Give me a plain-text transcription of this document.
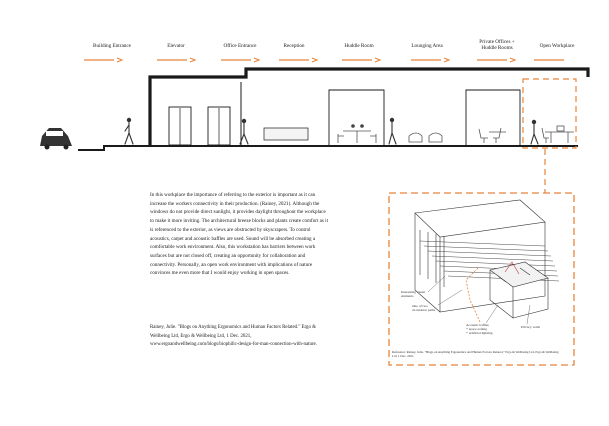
Building Entrance	Elevator	Office Entrance	Reception	Huddle Room	Lounging Area
Private Offices +
Huddle Rooms	Open Workplace

In this workplace the importance of referring to the exterior is important as it can increase the workers connectivity in their production. (Rainey, 2021). Although the windows do not provide direct sunlight, it provides daylight throughout the workplace to make it more inviting. The architectural breeze blocks and plants create comfort as it is referenced to the exterior, as views are obstructed by skyscrapers. To control acoustics, carpet and acoustic baffles are used. Sound will be absorbed creating a comfortable work environment. Also, this workstation has barriers between work surfaces but are not closed off, creating an opportunity for collaboration and connectivity. Personally, an open work environment with implications of nature convinces me even more that I would enjoy working in open spaces.

Rainey, Julie. "Blogs on Anything Ergonomics and Human Factors Related." Ergo & Wellbeing Ltd, Ergo & Wellbeing Ltd, 1 Dec. 2021, www.ergoandwellbeing.com/blogs/biophilic-design-for-man-connection-with-nature.

Interesting visual
elements
One of two
circulation paths
Acoustic baffles
+ space zoning
+ artificial lighting
Privacy walls
Reference: Rainey, Julie. "Blogs on Anything Ergonomics and Human Factors Related." Ergo & Wellbeing Ltd, Ergo & Wellbeing Ltd, 1 Dec. 2021.
